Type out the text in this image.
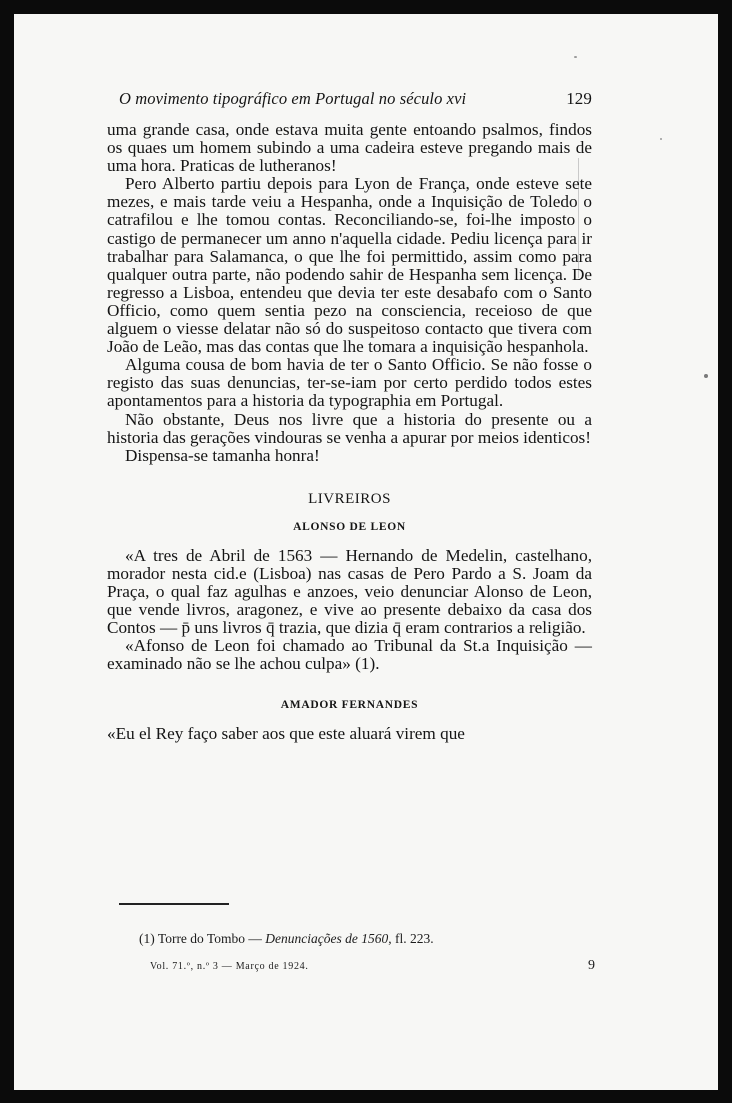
O movimento tipográfico em Portugal no século xvi	129

uma grande casa, onde estava muita gente entoando psalmos, findos os quaes um homem subindo a uma cadeira esteve pregando mais de uma hora. Praticas de lutheranos!

Pero Alberto partiu depois para Lyon de França, onde esteve sete mezes, e mais tarde veiu a Hespanha, onde a Inquisição de Toledo o catrafilou e lhe tomou contas. Reconciliando-se, foi-lhe imposto o castigo de permanecer um anno n'aquella cidade. Pediu licença para ir trabalhar para Salamanca, o que lhe foi permittido, assim como para qualquer outra parte, não podendo sahir de Hespanha sem licença. De regresso a Lisboa, entendeu que devia ter este desabafo com o Santo Officio, como quem sentia pezo na consciencia, receioso de que alguem o viesse delatar não só do suspeitoso contacto que tivera com João de Leão, mas das contas que lhe tomara a inquisição hespanhola.

Alguma cousa de bom havia de ter o Santo Officio. Se não fosse o registo das suas denuncias, ter-se-iam por certo perdido todos estes apontamentos para a historia da typographia em Portugal.

Não obstante, Deus nos livre que a historia do presente ou a historia das gerações vindouras se venha a apurar por meios identicos!

Dispensa-se tamanha honra!

LIVREIROS
ALONSO DE LEON

«A tres de Abril de 1563 — Hernando de Medelin, castelhano, morador nesta cid.e (Lisboa) nas casas de Pero Pardo a S. Joam da Praça, o qual faz agulhas e anzoes, veio denunciar Alonso de Leon, que vende livros, aragonez, e vive ao presente debaixo da casa dos Contos — p̄ uns livros q̄ trazia, que dizia q̄ eram contrarios a religião.

«Afonso de Leon foi chamado ao Tribunal da St.a Inquisição — examinado não se lhe achou culpa» (1).

AMADOR FERNANDES
«Eu el Rey faço saber aos que este aluará virem que
(1) Torre do Tombo — Denunciações de 1560, fl. 223.
Vol. 71.º, n.º 3 — Março de 1924.	9
